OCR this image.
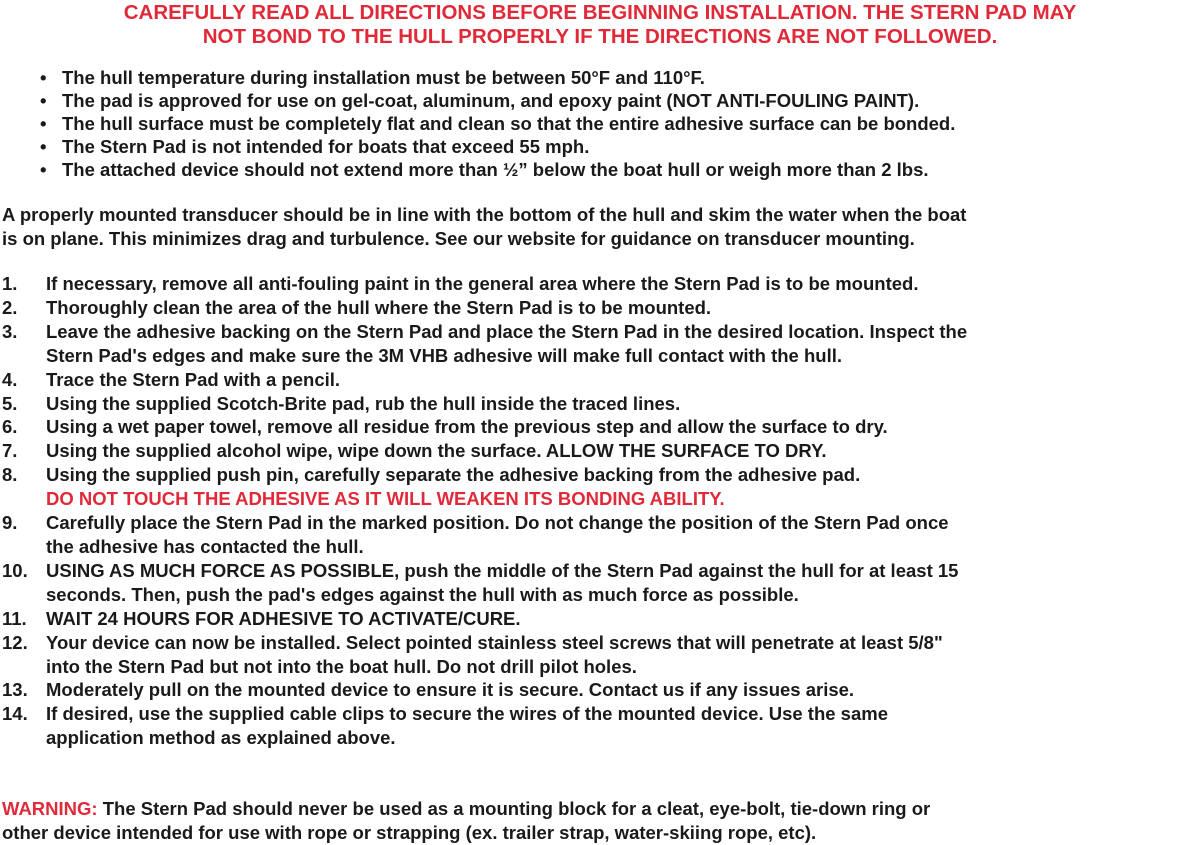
CAREFULLY READ ALL DIRECTIONS BEFORE BEGINNING INSTALLATION. THE STERN PAD MAY
NOT BOND TO THE HULL PROPERLY IF THE DIRECTIONS ARE NOT FOLLOWED.
• The hull temperature during installation must be between 50°F and 110°F.
• The pad is approved for use on gel-coat, aluminum, and epoxy paint (NOT ANTI-FOULING PAINT).
• The hull surface must be completely flat and clean so that the entire adhesive surface can be bonded.
• The Stern Pad is not intended for boats that exceed 55 mph.
• The attached device should not extend more than ½” below the boat hull or weigh more than 2 lbs.
A properly mounted transducer should be in line with the bottom of the hull and skim the water when the boat
is on plane. This minimizes drag and turbulence. See our website for guidance on transducer mounting.
1. If necessary, remove all anti-fouling paint in the general area where the Stern Pad is to be mounted.
2. Thoroughly clean the area of the hull where the Stern Pad is to be mounted.
3. Leave the adhesive backing on the Stern Pad and place the Stern Pad in the desired location. Inspect the
Stern Pad's edges and make sure the 3M VHB adhesive will make full contact with the hull.
4. Trace the Stern Pad with a pencil.
5. Using the supplied Scotch-Brite pad, rub the hull inside the traced lines.
6. Using a wet paper towel, remove all residue from the previous step and allow the surface to dry.
7. Using the supplied alcohol wipe, wipe down the surface. ALLOW THE SURFACE TO DRY.
8. Using the supplied push pin, carefully separate the adhesive backing from the adhesive pad.
DO NOT TOUCH THE ADHESIVE AS IT WILL WEAKEN ITS BONDING ABILITY.
9. Carefully place the Stern Pad in the marked position. Do not change the position of the Stern Pad once
the adhesive has contacted the hull.
10. USING AS MUCH FORCE AS POSSIBLE, push the middle of the Stern Pad against the hull for at least 15
seconds. Then, push the pad's edges against the hull with as much force as possible.
11. WAIT 24 HOURS FOR ADHESIVE TO ACTIVATE/CURE.
12. Your device can now be installed. Select pointed stainless steel screws that will penetrate at least 5/8"
into the Stern Pad but not into the boat hull. Do not drill pilot holes.
13. Moderately pull on the mounted device to ensure it is secure. Contact us if any issues arise.
14. If desired, use the supplied cable clips to secure the wires of the mounted device. Use the same
application method as explained above.
WARNING: The Stern Pad should never be used as a mounting block for a cleat, eye-bolt, tie-down ring or
other device intended for use with rope or strapping (ex. trailer strap, water-skiing rope, etc).
